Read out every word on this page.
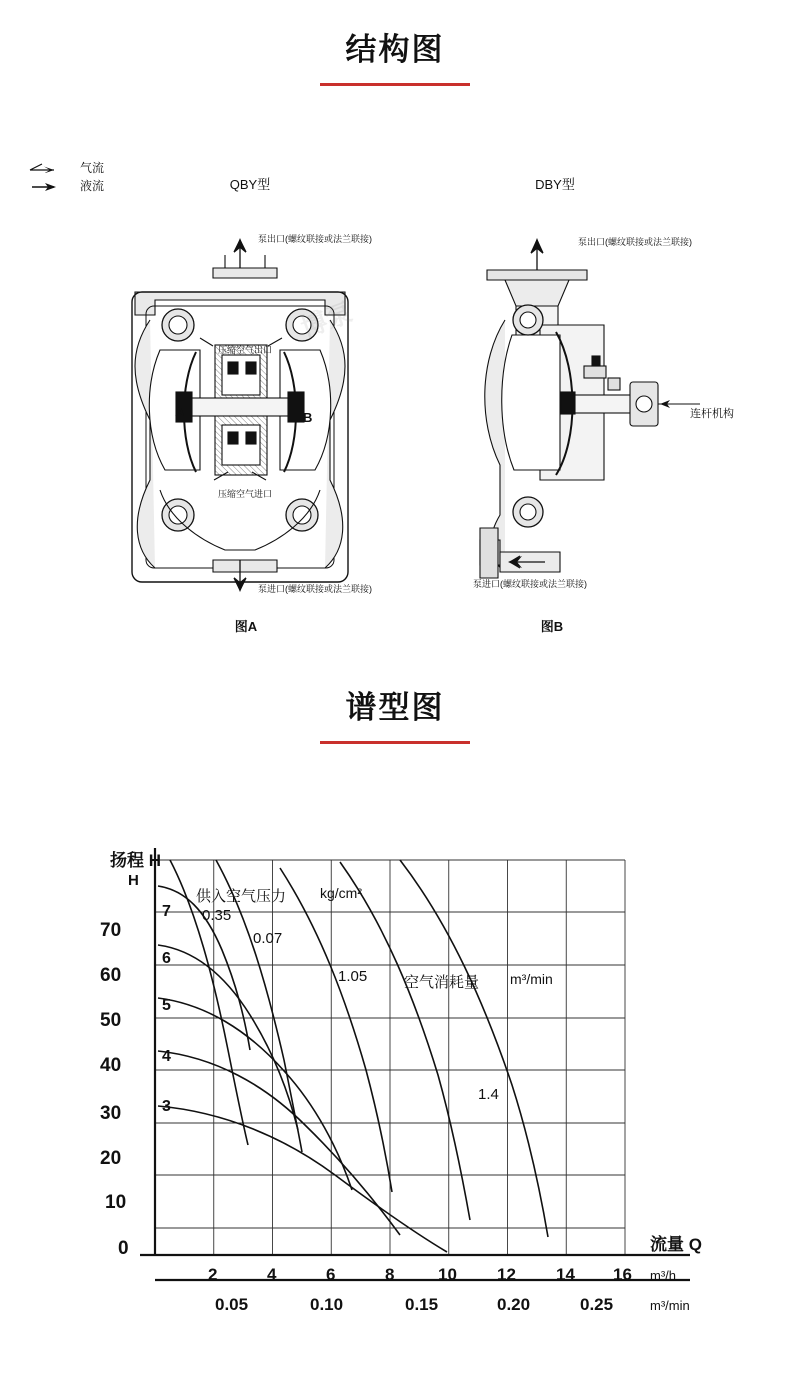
结构图
气流
液流	QBY型	DBY型
泵出口(螺纹联接或法兰联接)
泵进口(螺纹联接或法兰联接)
压缩空气出口
压缩空气进口
A	B
泵出口(螺纹联接或法兰联接)
泵进口(螺纹联接或法兰联接)
连杆机构
图A	图B
博泵
谱型图
扬程 H
供入空气压力 kg/cm²
0.35
0.07
1.05 空气消耗量 m³/min
1.4
H
70
60
50
40
30
20
10
0
7
6
5
4
3
2	4	6	8	10 12 14 16 m³/h
0.05	0.10	0.15	0.20	0.25	m³/min
流量 Q
